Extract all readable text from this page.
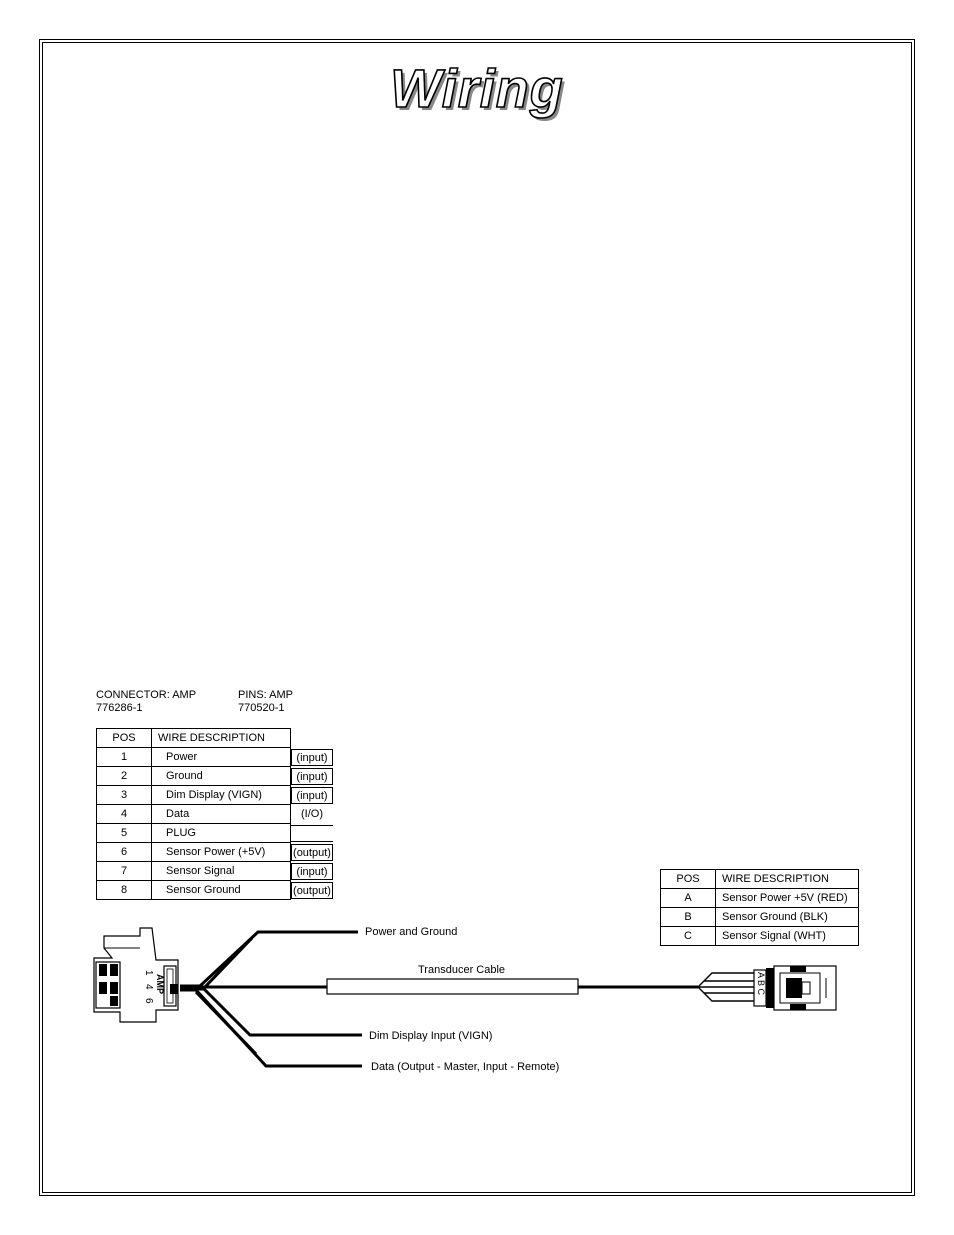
Wiring
CONNECTOR: AMP
776286-1
PINS: AMP
770520-1
POS	WIRE DESCRIPTION	
1	Power	(input)

2	Ground	(input)

3	Dim Display (VIGN)	(input)

4	Data	(I/O)

5	PLUG	

6	Sensor Power (+5V)	(output)

7	Sensor Signal	(input)

8	Sensor Ground	(output)
POS	WIRE DESCRIPTION
A	Sensor Power +5V (RED)
B	Sensor Ground (BLK)
C	Sensor Signal (WHT)
1
4
6
AMP	A B C
Power and Ground
Transducer Cable
Dim Display Input (VIGN)
Data (Output - Master, Input - Remote)
